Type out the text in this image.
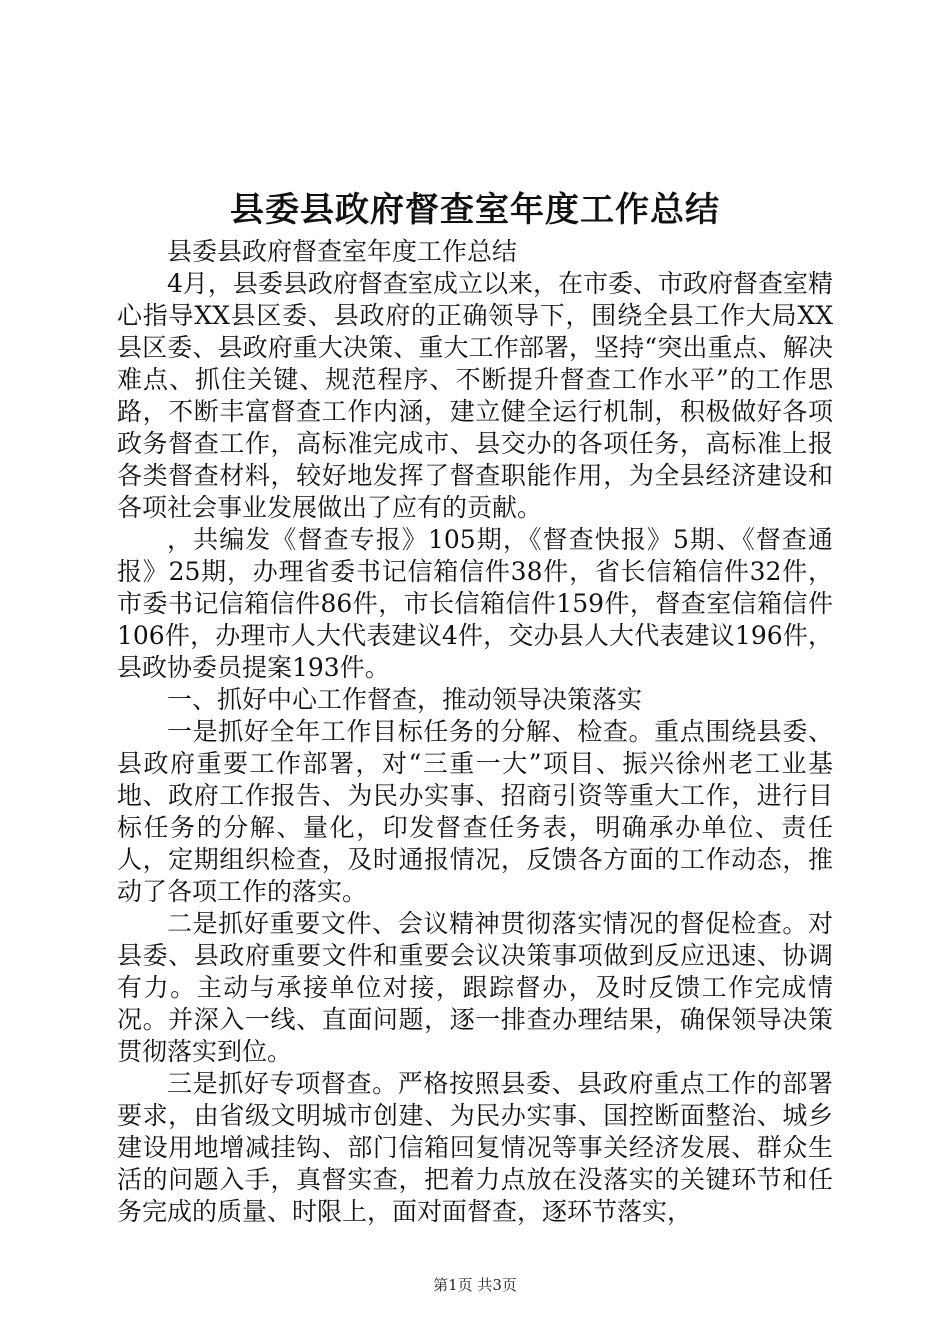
县委县政府督查室年度工作总结

县委县政府督查室年度工作总结

4月，县委县政府督查室成立以来，在市委、市政府督查室精心指导XX县区委、县政府的正确领导下，围绕全县工作大局XX县区委、县政府重大决策、重大工作部署，坚持“突出重点、解决难点、抓住关键、规范程序、不断提升督查工作水平”的工作思路，不断丰富督查工作内涵，建立健全运行机制，积极做好各项政务督查工作，高标准完成市、县交办的各项任务，高标准上报各类督查材料，较好地发挥了督查职能作用，为全县经济建设和各项社会事业发展做出了应有的贡献。

，共编发《督查专报》105期，《督查快报》5期、《督查通报》25期，办理省委书记信箱信件38件，省长信箱信件32件，市委书记信箱信件86件，市长信箱信件159件，督查室信箱信件106件，办理市人大代表建议4件，交办县人大代表建议196件，县政协委员提案193件。

一、抓好中心工作督查，推动领导决策落实

一是抓好全年工作目标任务的分解、检查。重点围绕县委、县政府重要工作部署，对“三重一大”项目、振兴徐州老工业基地、政府工作报告、为民办实事、招商引资等重大工作，进行目标任务的分解、量化，印发督查任务表，明确承办单位、责任人，定期组织检查，及时通报情况，反馈各方面的工作动态，推动了各项工作的落实。

二是抓好重要文件、会议精神贯彻落实情况的督促检查。对县委、县政府重要文件和重要会议决策事项做到反应迅速、协调有力。主动与承接单位对接，跟踪督办，及时反馈工作完成情况。并深入一线、直面问题，逐一排查办理结果，确保领导决策贯彻落实到位。

三是抓好专项督查。严格按照县委、县政府重点工作的部署要求，由省级文明城市创建、为民办实事、国控断面整治、城乡建设用地增减挂钩、部门信箱回复情况等事关经济发展、群众生活的问题入手，真督实查，把着力点放在没落实的关键环节和任务完成的质量、时限上，面对面督查，逐环节落实，

第1页 共3页
